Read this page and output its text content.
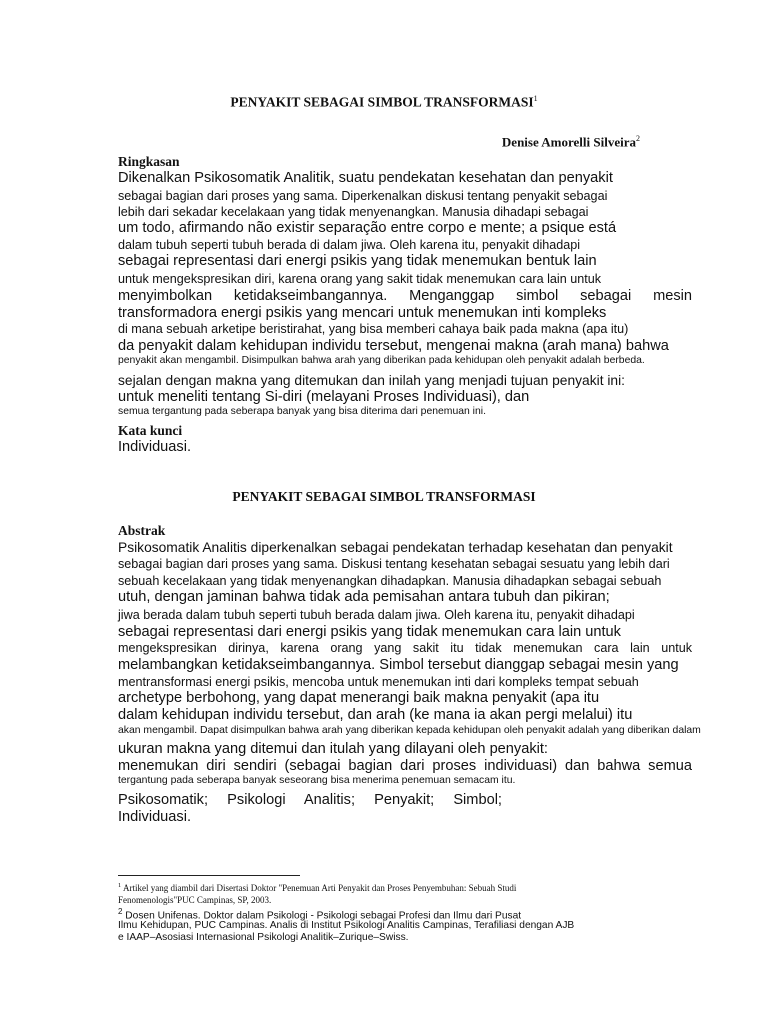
PENYAKIT SEBAGAI SIMBOL TRANSFORMASI$^1$
Denise Amorelli Silveira$^2$
Ringkasan
Dikenalkan Psikosomatik Analitik, suatu pendekatan kesehatan dan penyakit
sebagai bagian dari proses yang sama. Diperkenalkan diskusi tentang penyakit sebagai
lebih dari sekadar kecelakaan yang tidak menyenangkan. Manusia dihadapi sebagai
um todo, afirmando não existir separação entre corpo e mente; a psique está
dalam tubuh seperti tubuh berada di dalam jiwa. Oleh karena itu, penyakit dihadapi
sebagai representasi dari energi psikis yang tidak menemukan bentuk lain
untuk mengekspresikan diri, karena orang yang sakit tidak menemukan cara lain untuk
menyimbolkan ketidakseimbangannya. Menganggap simbol sebagai mesin
transformadora energi psikis yang mencari untuk menemukan inti kompleks
di mana sebuah arketipe beristirahat, yang bisa memberi cahaya baik pada makna (apa itu)
da penyakit dalam kehidupan individu tersebut, mengenai makna (arah mana) bahwa
penyakit akan mengambil. Disimpulkan bahwa arah yang diberikan pada kehidupan oleh penyakit adalah berbeda.
sejalan dengan makna yang ditemukan dan inilah yang menjadi tujuan penyakit ini:
untuk meneliti tentang Si-diri (melayani Proses Individuasi), dan
semua tergantung pada seberapa banyak yang bisa diterima dari penemuan ini.
Kata kunci
Individuasi.
PENYAKIT SEBAGAI SIMBOL TRANSFORMASI
Abstrak
Psikosomatik Analitis diperkenalkan sebagai pendekatan terhadap kesehatan dan penyakit
sebagai bagian dari proses yang sama. Diskusi tentang kesehatan sebagai sesuatu yang lebih dari
sebuah kecelakaan yang tidak menyenangkan dihadapkan. Manusia dihadapkan sebagai sebuah
utuh, dengan jaminan bahwa tidak ada pemisahan antara tubuh dan pikiran;
jiwa berada dalam tubuh seperti tubuh berada dalam jiwa. Oleh karena itu, penyakit dihadapi
sebagai representasi dari energi psikis yang tidak menemukan cara lain untuk
mengekspresikan dirinya, karena orang yang sakit itu tidak menemukan cara lain untuk
melambangkan ketidakseimbangannya. Simbol tersebut dianggap sebagai mesin yang
mentransformasi energi psikis, mencoba untuk menemukan inti dari kompleks tempat sebuah
archetype berbohong, yang dapat menerangi baik makna penyakit (apa itu
dalam kehidupan individu tersebut, dan arah (ke mana ia akan pergi melalui) itu
akan mengambil. Dapat disimpulkan bahwa arah yang diberikan kepada kehidupan oleh penyakit adalah yang diberikan dalam
ukuran makna yang ditemui dan itulah yang dilayani oleh penyakit:
menemukan diri sendiri (sebagai bagian dari proses individuasi) dan bahwa semua
tergantung pada seberapa banyak seseorang bisa menerima penemuan semacam itu.
Psikosomatik; Psikologi Analitis; Penyakit; Simbol;
Individuasi.
$^1$ Artikel yang diambil dari Disertasi Doktor "Penemuan Arti Penyakit dan Proses Penyembuhan: Sebuah Studi
Fenomenologis"PUC Campinas, SP, 2003.
$^2$ Dosen Unifenas. Doktor dalam Psikologi - Psikologi sebagai Profesi dan Ilmu dari Pusat
Ilmu Kehidupan, PUC Campinas. Analis di Institut Psikologi Analitis Campinas, Terafiliasi dengan AJB
e IAAP–Asosiasi Internasional Psikologi Analitik–Zurique–Swiss.
